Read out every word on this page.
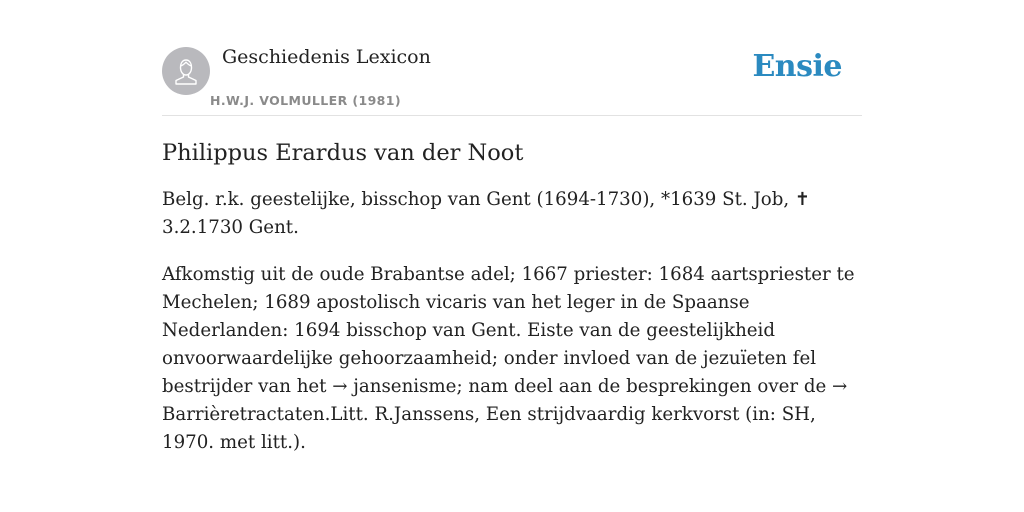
Geschiedenis Lexicon
H.W.J. VOLMULLER (1981)
Ensie
Philippus Erardus van der Noot

Belg. r.k. geestelijke, bisschop van Gent (1694-1730), *1639 St. Job, ✝ 3.2.1730 Gent.

Afkomstig uit de oude Brabantse adel; 1667 priester: 1684 aartspriester te Mechelen; 1689 apostolisch vicaris van het leger in de Spaanse Nederlanden: 1694 bisschop van Gent. Eiste van de geestelijkheid onvoorwaardelijke gehoorzaamheid; onder invloed van de jezuïeten fel bestrijder van het → jansenisme; nam deel aan de besprekingen over de → Barrièretractaten.Litt. R.Janssens, Een strijdvaardig kerkvorst (in: SH, 1970. met litt.).
